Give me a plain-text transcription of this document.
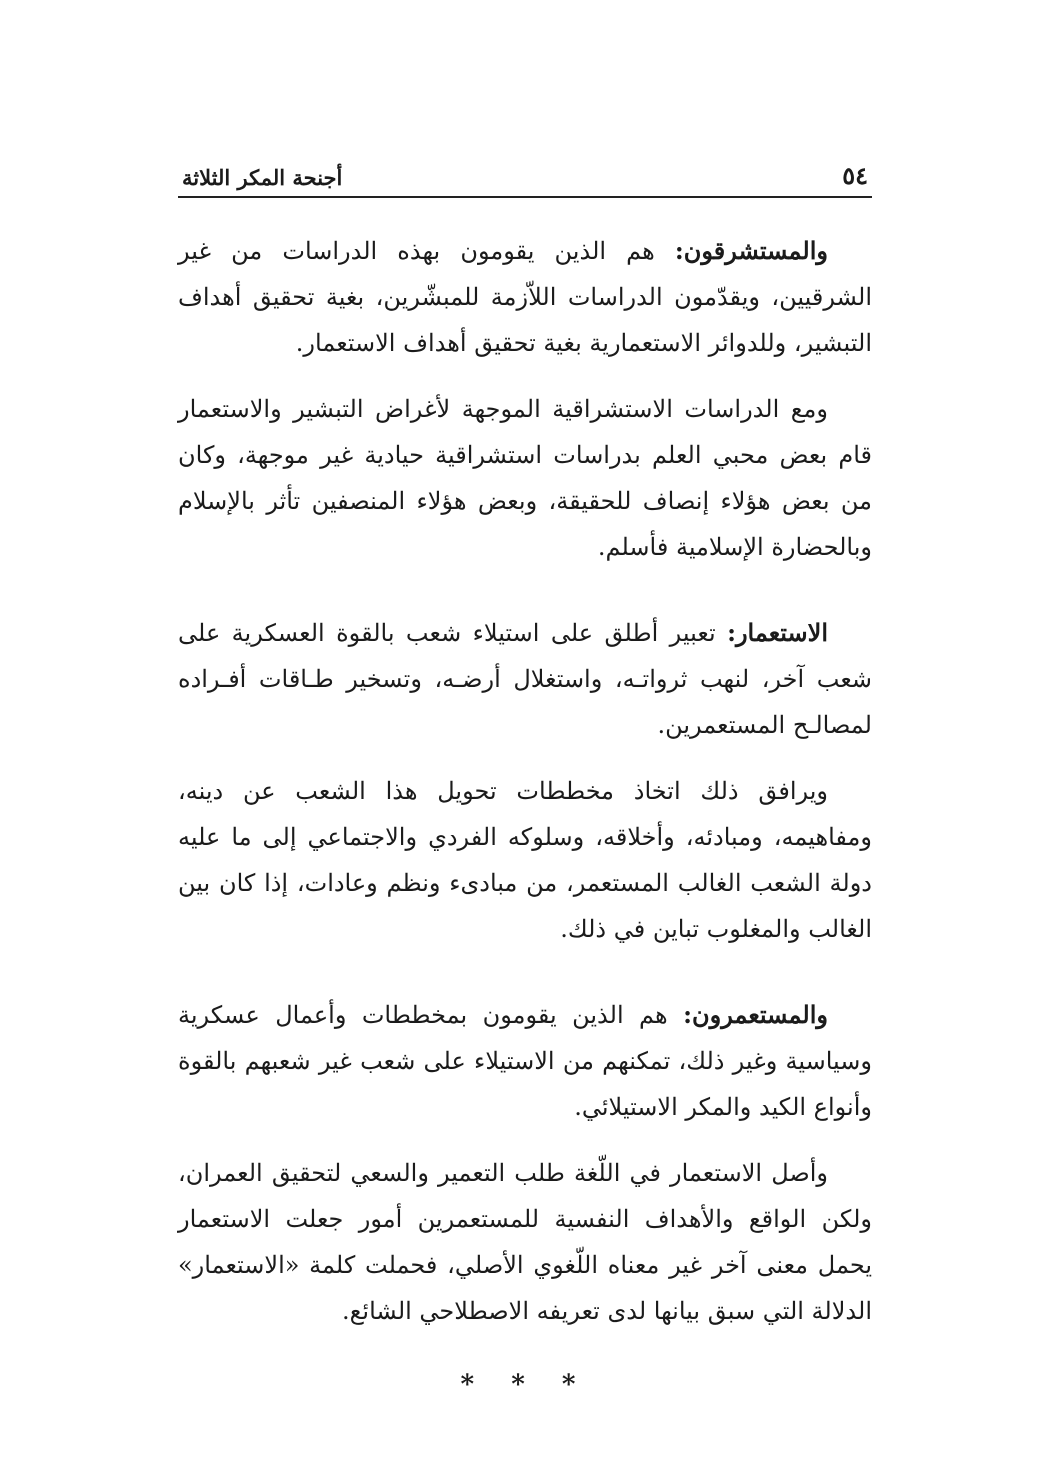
٥٤
أجنحة المكر الثلاثة

والمستشرقون: هم الذين يقومون بهذه الدراسات من غير الشرقيين، ويقدّمون الدراسات اللاّزمة للمبشّرين، بغية تحقيق أهداف التبشير، وللدوائر الاستعمارية بغية تحقيق أهداف الاستعمار.

ومع الدراسات الاستشراقية الموجهة لأغراض التبشير والاستعمار قام بعض محبي العلم بدراسات استشراقية حيادية غير موجهة، وكان من بعض هؤلاء إنصاف للحقيقة، وبعض هؤلاء المنصفين تأثر بالإسلام وبالحضارة الإسلامية فأسلم.

الاستعمار: تعبير أطلق على استيلاء شعب بالقوة العسكرية على شعب آخر، لنهب ثرواتـه، واستغلال أرضـه، وتسخير طـاقات أفـراده لمصالـح المستعمرين.

ويرافق ذلك اتخاذ مخططات تحويل هذا الشعب عن دينه، ومفاهيمه، ومبادئه، وأخلاقه، وسلوكه الفردي والاجتماعي إلى ما عليه دولة الشعب الغالب المستعمر، من مبادىء ونظم وعادات، إذا كان بين الغالب والمغلوب تباين في ذلك.

والمستعمرون: هم الذين يقومون بمخططات وأعمال عسكرية وسياسية وغير ذلك، تمكنهم من الاستيلاء على شعب غير شعبهم بالقوة وأنواع الكيد والمكر الاستيلائي.

وأصل الاستعمار في اللّغة طلب التعمير والسعي لتحقيق العمران، ولكن الواقع والأهداف النفسية للمستعمرين أمور جعلت الاستعمار يحمل معنى آخر غير معناه اللّغوي الأصلي، فحملت كلمة «الاستعمار» الدلالة التي سبق بيانها لدى تعريفه الاصطلاحي الشائع.

* * *
